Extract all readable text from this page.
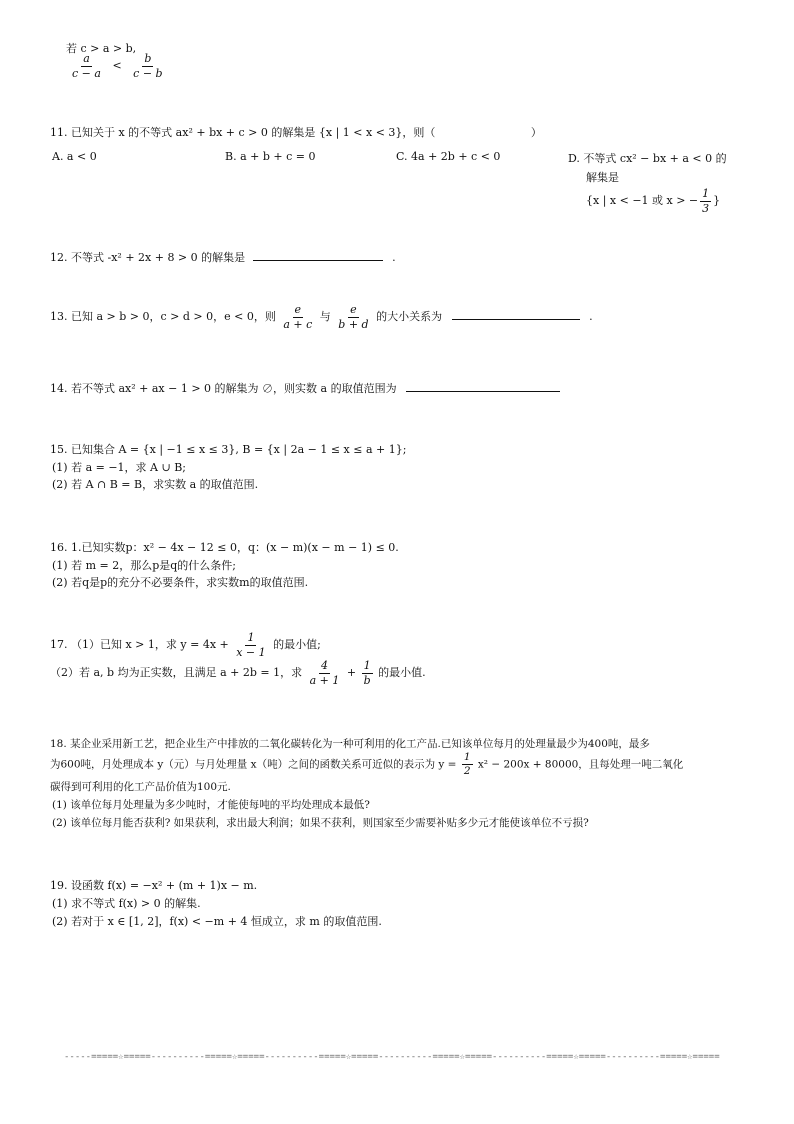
若 c > a > b,
$\frac{a}{c - a} < \frac{b}{c - b}$
11. 已知关于 x 的不等式 ax² + bx + c > 0 的解集是 {x | 1 < x < 3}，则（	）
A. a < 0	B. a + b + c = 0	C. 4a + 2b + c < 0	D. 不等式 cx² − bx + a < 0 的
解集是
{x | x < −1 或 x > − $\frac{1}{3}$ }
12. 不等式 -x² + 2x + 8 > 0 的解集是	.
13. 已知 a > b > 0，c > d > 0，e < 0，则 $\frac{e}{a + c}$ 与 $\frac{e}{b + d}$ 的大小关系为	.
14. 若不等式 ax² + ax − 1 > 0 的解集为 ∅，则实数 a 的取值范围为
15. 已知集合 A = {x | −1 ≤ x ≤ 3}, B = {x | 2a − 1 ≤ x ≤ a + 1};
(1) 若 a = −1，求 A ∪ B;
(2) 若 A ∩ B = B，求实数 a 的取值范围.
16. 1.已知实数p：x² − 4x − 12 ≤ 0，q：(x − m)(x − m − 1) ≤ 0.
(1) 若 m = 2，那么p是q的什么条件;
(2) 若q是p的充分不必要条件，求实数m的取值范围.
17. （1）已知 x > 1，求 $y = 4x + \frac{1}{x - 1}$ 的最小值;
（2）若 a, b 均为正实数，且满足 a + 2b = 1，求 $\frac{4}{a + 1} + \frac{1}{b}$ 的最小值.
18. 某企业采用新工艺，把企业生产中排放的二氧化碳转化为一种可利用的化工产品.已知该单位每月的处理量最少为400吨，最多
为600吨，月处理成本 y（元）与月处理量 x（吨）之间的函数关系可近似的表示为 $y = \frac{1}{2} x^2 - 200x + 80000$，且每处理一吨二氧化
碳得到可利用的化工产品价值为100元.
(1) 该单位每月处理量为多少吨时，才能使每吨的平均处理成本最低?
(2) 该单位每月能否获利? 如果获利，求出最大利润；如果不获利，则国家至少需要补贴多少元才能使该单位不亏损?
19. 设函数 f(x) = −x² + (m + 1)x − m.
(1) 求不等式 f(x) > 0 的解集.
(2) 若对于 x ∈ [1, 2]，f(x) < −m + 4 恒成立，求 m 的取值范围.
-----=====☆=====----------=====☆=====----------=====☆=====----------=====☆=====----------=====☆=====----------=====☆=====
